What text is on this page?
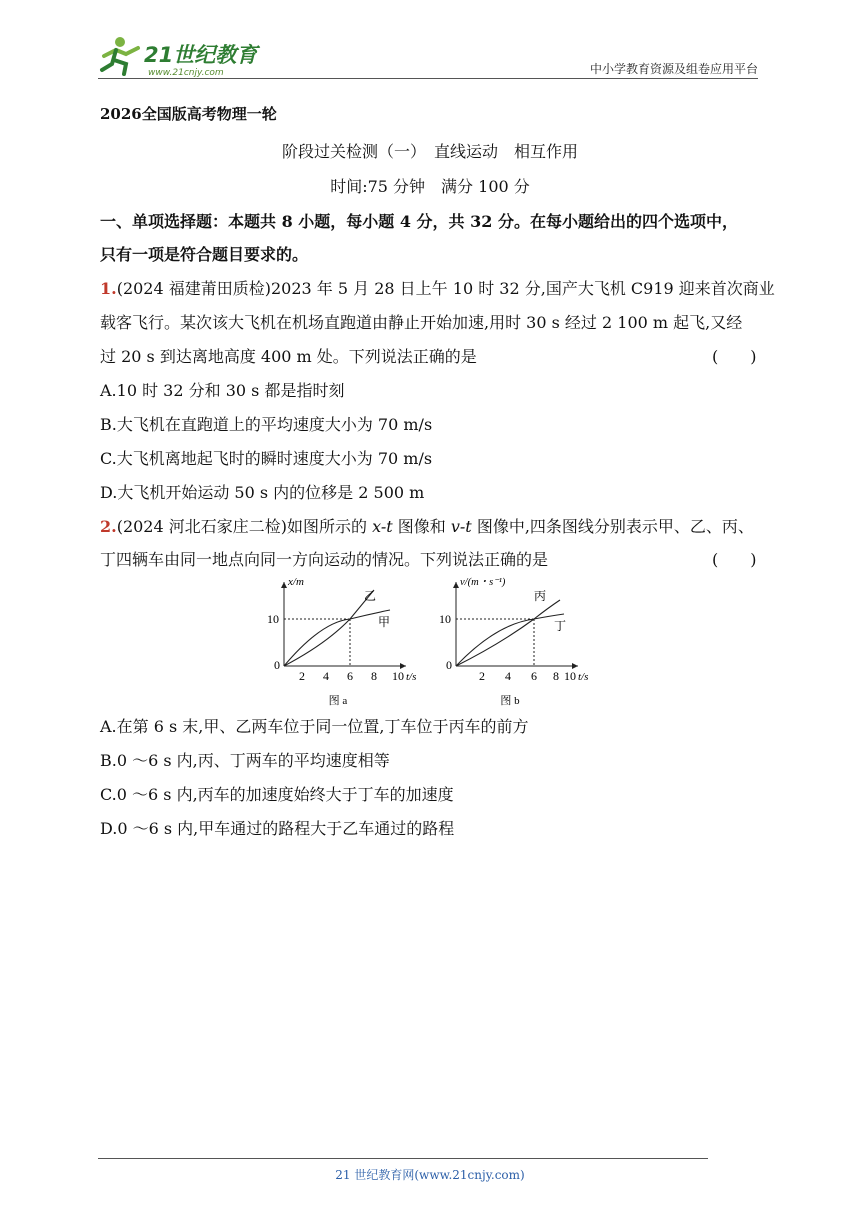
21世纪教育
www.21cnjy.com	中小学教育资源及组卷应用平台
2026全国版高考物理一轮
阶段过关检测（一）　直线运动　相互作用
时间:75 分钟　满分 100 分
一、单项选择题：本题共 8 小题，每小题 4 分，共 32 分。在每小题给出的四个选项中，
只有一项是符合题目要求的。
1.(2024 福建莆田质检)2023 年 5 月 28 日上午 10 时 32 分,国产大飞机 C919 迎来首次商业
载客飞行。某次该大飞机在机场直跑道由静止开始加速,用时 30 s 经过 2 100 m 起飞,又经
过 20 s 到达离地高度 400 m 处。下列说法正确的是	(　　)
A.10 时 32 分和 30 s 都是指时刻
B.大飞机在直跑道上的平均速度大小为 70 m/s
C.大飞机离地起飞时的瞬时速度大小为 70 m/s
D.大飞机开始运动 50 s 内的位移是 2 500 m
2.(2024 河北石家庄二检)如图所示的 x-t 图像和 v-t 图像中,四条图线分别表示甲、乙、丙、
丁四辆车由同一地点向同一方向运动的情况。下列说法正确的是	(　　)
x/m
10
0
2 4 6 8 10 t/s
乙
甲
图 a
v/(m・s⁻¹)
10
0
2 4 6 8 10 t/s
丙
丁
图 b
A.在第 6 s 末,甲、乙两车位于同一位置,丁车位于丙车的前方
B.0 ～6 s 内,丙、丁两车的平均速度相等
C.0 ～6 s 内,丙车的加速度始终大于丁车的加速度
D.0 ～6 s 内,甲车通过的路程大于乙车通过的路程
21 世纪教育网(www.21cnjy.com)
